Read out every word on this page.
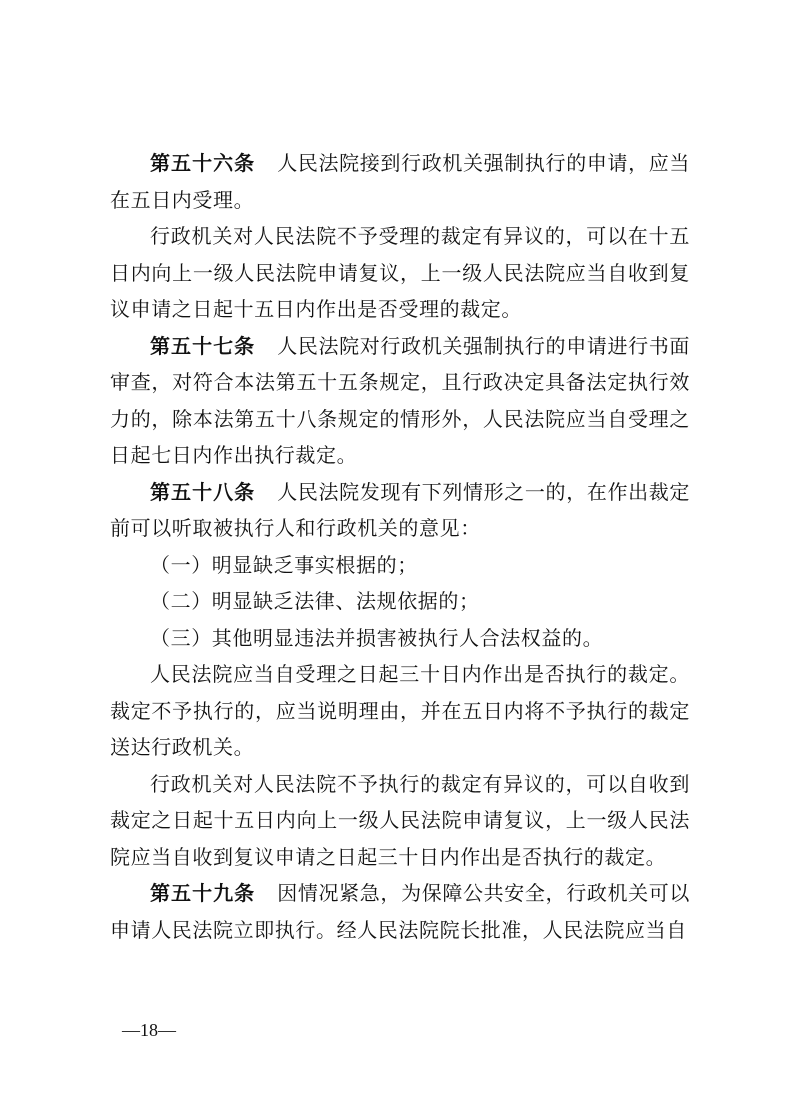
第五十六条 人民法院接到行政机关强制执行的申请，应当在五日内受理。

行政机关对人民法院不予受理的裁定有异议的，可以在十五日内向上一级人民法院申请复议，上一级人民法院应当自收到复议申请之日起十五日内作出是否受理的裁定。

第五十七条 人民法院对行政机关强制执行的申请进行书面审查，对符合本法第五十五条规定，且行政决定具备法定执行效力的，除本法第五十八条规定的情形外，人民法院应当自受理之日起七日内作出执行裁定。

第五十八条 人民法院发现有下列情形之一的，在作出裁定前可以听取被执行人和行政机关的意见：

（一）明显缺乏事实根据的；

（二）明显缺乏法律、法规依据的；

（三）其他明显违法并损害被执行人合法权益的。

人民法院应当自受理之日起三十日内作出是否执行的裁定。裁定不予执行的，应当说明理由，并在五日内将不予执行的裁定送达行政机关。

行政机关对人民法院不予执行的裁定有异议的，可以自收到裁定之日起十五日内向上一级人民法院申请复议，上一级人民法院应当自收到复议申请之日起三十日内作出是否执行的裁定。

第五十九条 因情况紧急，为保障公共安全，行政机关可以申请人民法院立即执行。经人民法院院长批准，人民法院应当自

—18—
